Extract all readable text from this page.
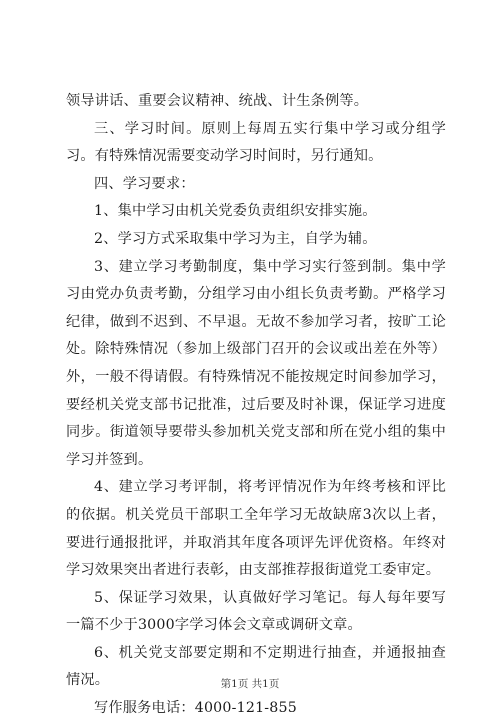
领导讲话、重要会议精神、统战、计生条例等。

三、学习时间。原则上每周五实行集中学习或分组学习。有特殊情况需要变动学习时间时，另行通知。

四、学习要求：

1、集中学习由机关党委负责组织安排实施。

2、学习方式采取集中学习为主，自学为辅。

3、建立学习考勤制度，集中学习实行签到制。集中学习由党办负责考勤，分组学习由小组长负责考勤。严格学习纪律，做到不迟到、不早退。无故不参加学习者，按旷工论处。除特殊情况（参加上级部门召开的会议或出差在外等）外，一般不得请假。有特殊情况不能按规定时间参加学习，要经机关党支部书记批准，过后要及时补课，保证学习进度同步。街道领导要带头参加机关党支部和所在党小组的集中学习并签到。

4、建立学习考评制，将考评情况作为年终考核和评比的依据。机关党员干部职工全年学习无故缺席3次以上者，要进行通报批评，并取消其年度各项评先评优资格。年终对学习效果突出者进行表彰，由支部推荐报街道党工委审定。

5、保证学习效果，认真做好学习笔记。每人每年要写一篇不少于3000字学习体会文章或调研文章。

6、机关党支部要定期和不定期进行抽查，并通报抽查情况。

写作服务电话：4000-121-855

第1页 共1页
